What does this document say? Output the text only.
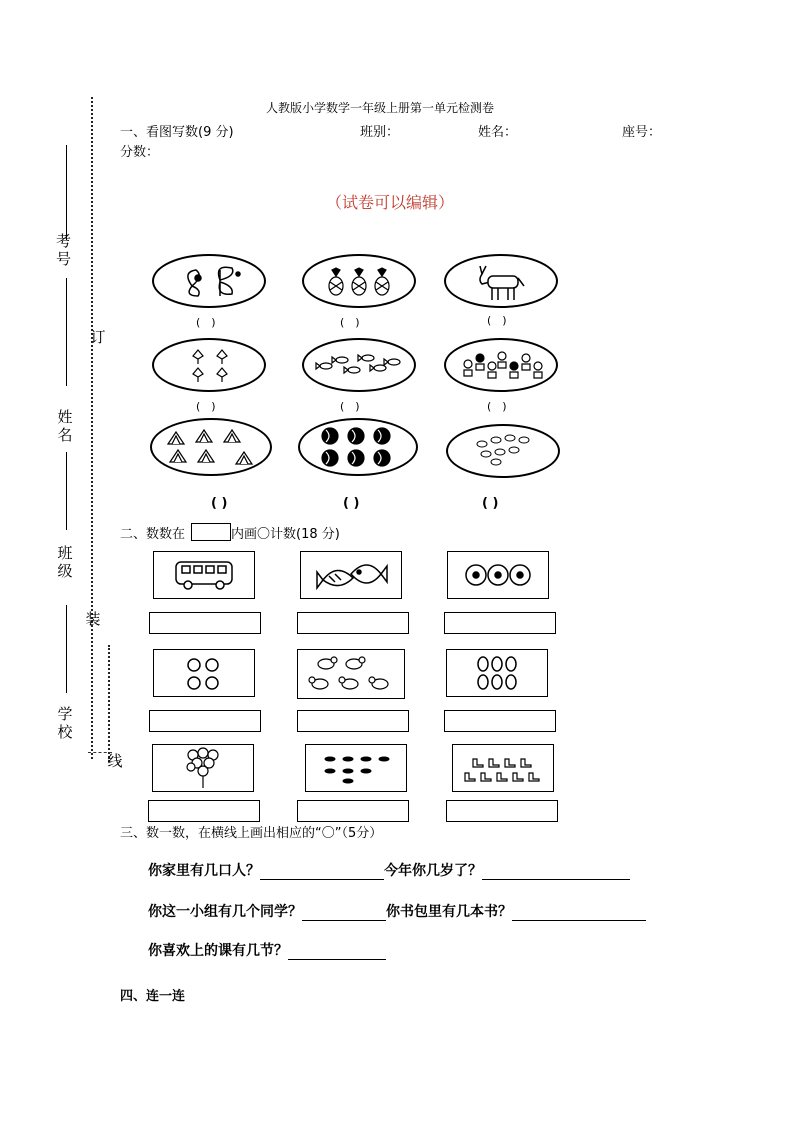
考号
订
姓名
班级
装
学校
线
人教版小学数学一年级上册第一单元检测卷
一、看图写数(9 分)	班别：	姓名：	座号：
分数：
（试卷可以编辑）
(　)	(　)	(　)
(　)	(　)	(　)
( )	( )	( )
二、数数在	内画〇计数(18 分)
三、数一数，在横线上画出相应的“〇”（5分）
你家里有几口人？	今年你几岁了？
你这一小组有几个同学？	你书包里有几本书？
你喜欢上的课有几节？
四、连一连
